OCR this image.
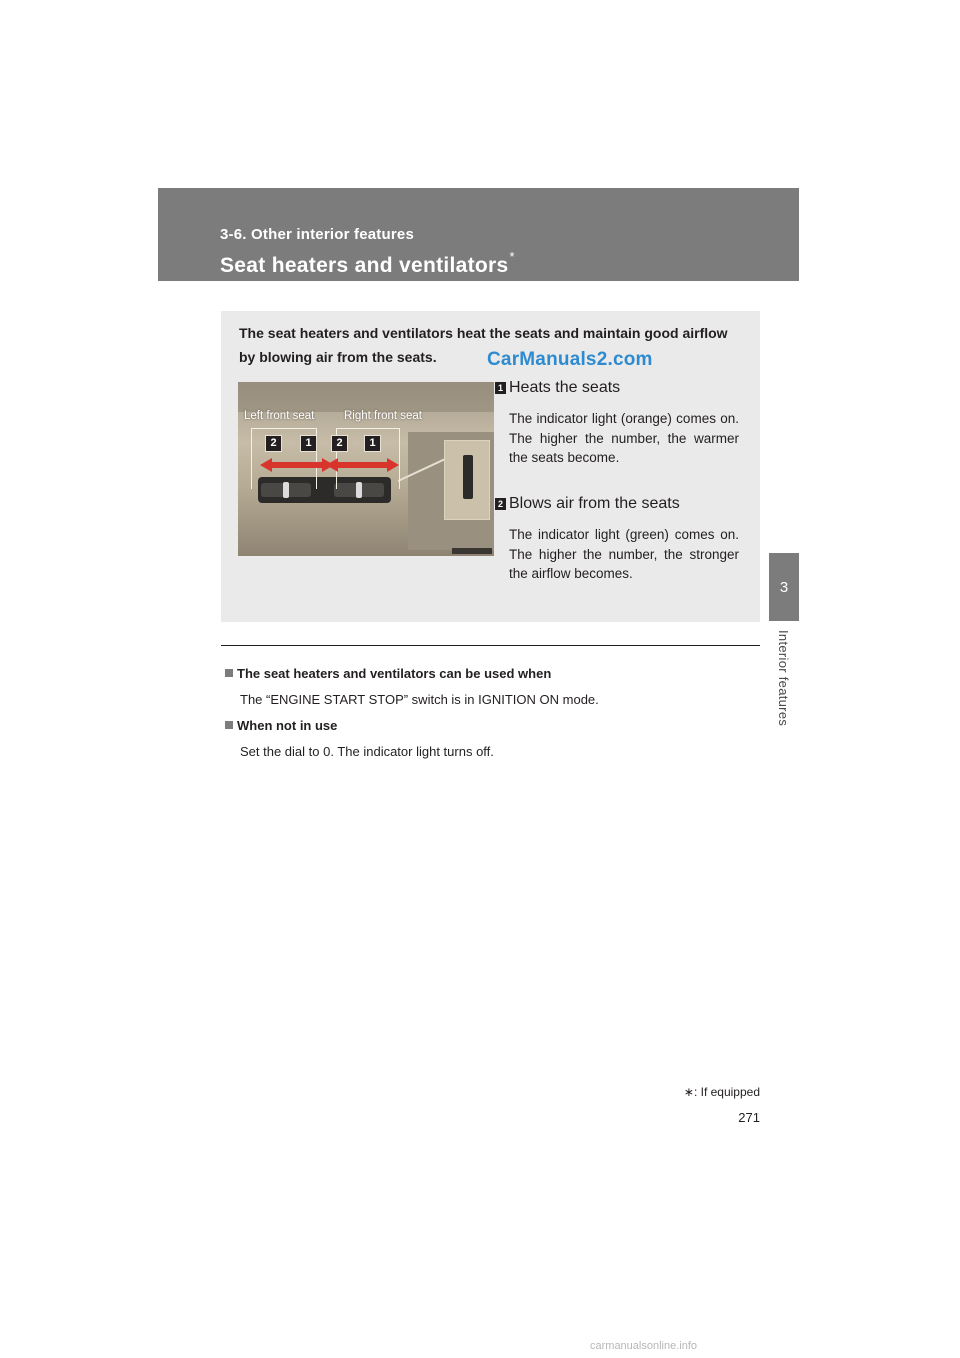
3-6. Other interior features
Seat heaters and ventilators*
3
Interior features
The seat heaters and ventilators heat the seats and maintain good airflow by blowing air from the seats.	CarManuals2.com
Left front seat	Right front seat
2	1	2	1
1 Heats the seats
The indicator light (orange) comes on. The higher the number, the warmer the seats become.
2 Blows air from the seats
The indicator light (green) comes on. The higher the number, the stronger the airflow becomes.
The seat heaters and ventilators can be used when
The “ENGINE START STOP” switch is in IGNITION ON mode.
When not in use
Set the dial to 0. The indicator light turns off.
∗: If equipped
271
carmanualsonline.info
